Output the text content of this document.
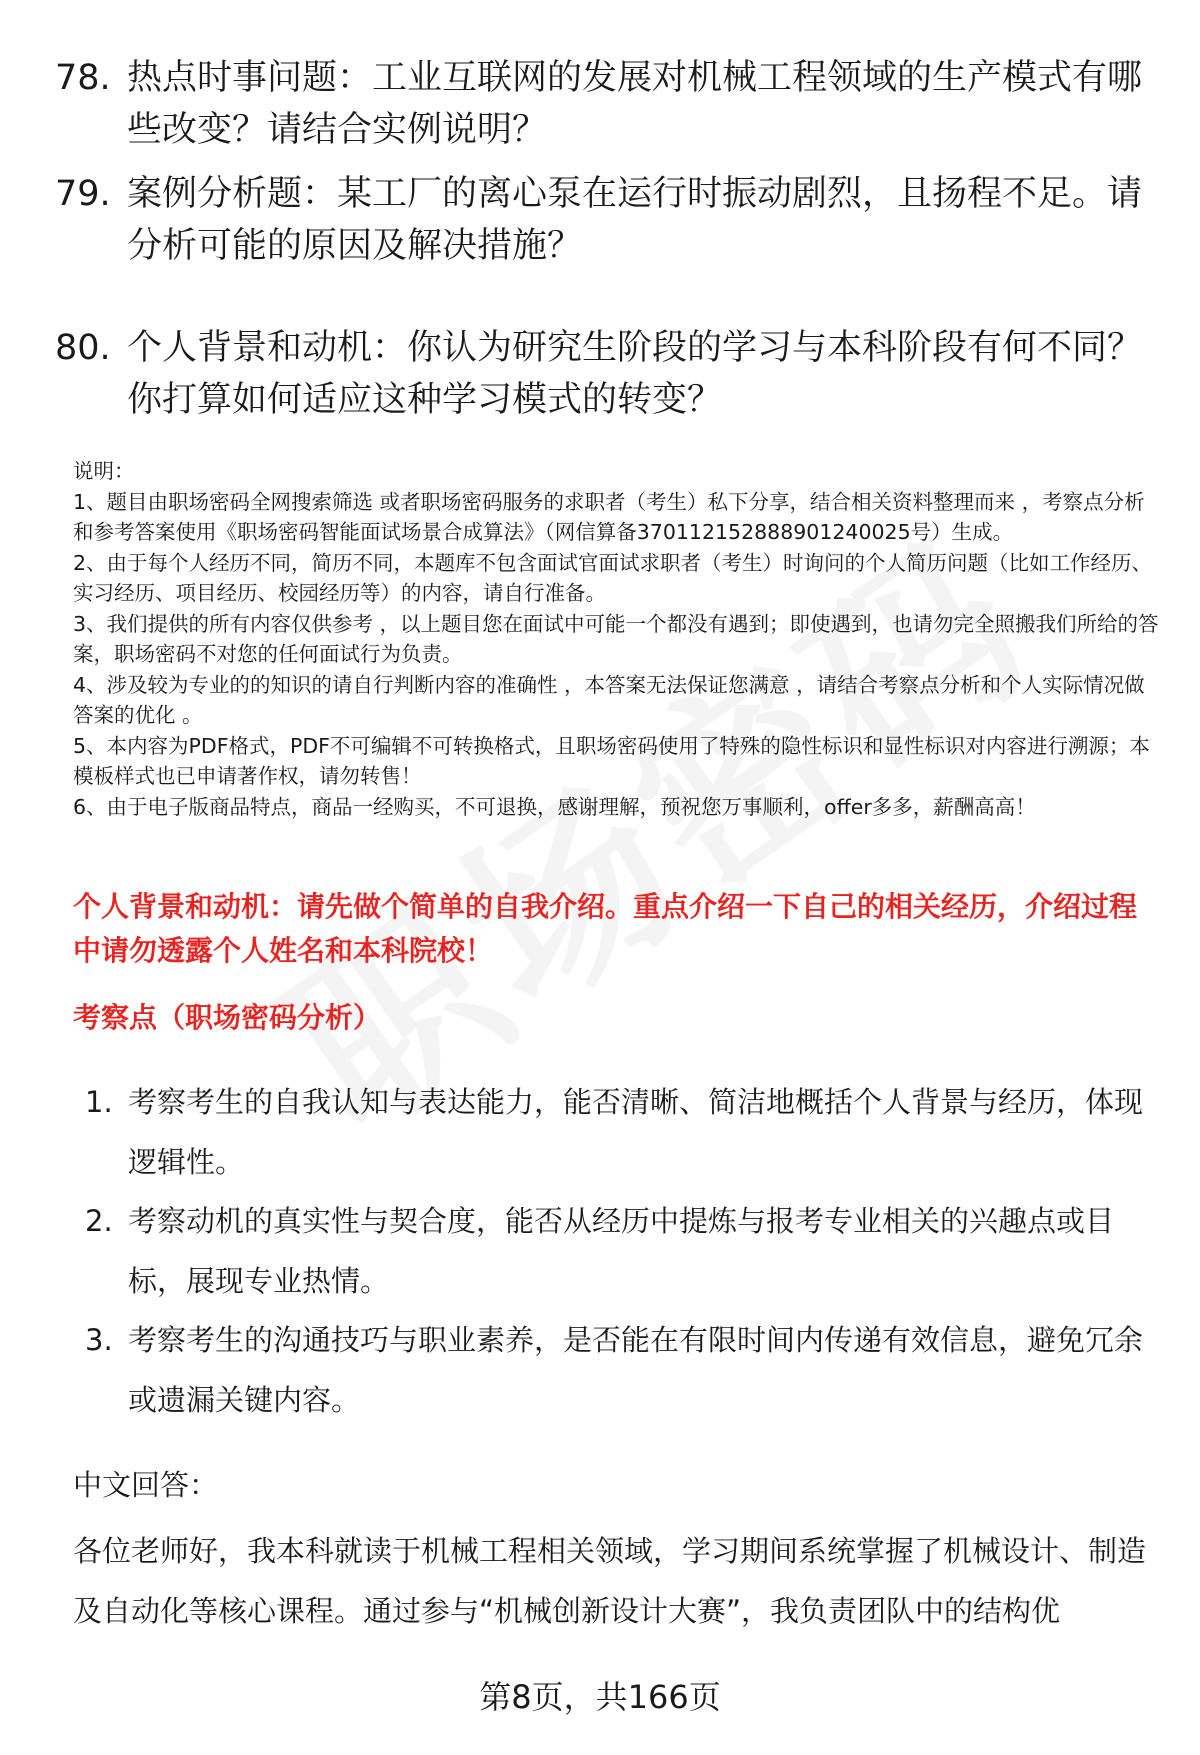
78. 热点时事问题：工业互联网的发展对机械工程领域的生产模式有哪些改变？请结合实例说明？
79. 案例分析题：某工厂的离心泵在运行时振动剧烈，且扬程不足。请分析可能的原因及解决措施？
80. 个人背景和动机：你认为研究生阶段的学习与本科阶段有何不同？你打算如何适应这种学习模式的转变？

说明：

1、题目由职场密码全网搜索筛选 或者职场密码服务的求职者（考生）私下分享，结合相关资料整理而来 ，考察点分析和参考答案使用《职场密码智能面试场景合成算法》（网信算备370112152888901240025号）生成。

2、由于每个人经历不同，简历不同，本题库不包含面试官面试求职者（考生）时询问的个人简历问题（比如工作经历、实习经历、项目经历、校园经历等）的内容，请自行准备。

3、我们提供的所有内容仅供参考 ，以上题目您在面试中可能一个都没有遇到；即使遇到，也请勿完全照搬我们所给的答案，职场密码不对您的任何面试行为负责。

4、涉及较为专业的的知识的请自行判断内容的准确性 ，本答案无法保证您满意 ，请结合考察点分析和个人实际情况做答案的优化 。

5、本内容为PDF格式，PDF不可编辑不可转换格式，且职场密码使用了特殊的隐性标识和显性标识对内容进行溯源；本模板样式也已申请著作权，请勿转售！

6、由于电子版商品特点，商品一经购买，不可退换，感谢理解，预祝您万事顺利，offer多多，薪酬高高！

个人背景和动机：请先做个简单的自我介绍。重点介绍一下自己的相关经历，介绍过程中请勿透露个人姓名和本科院校！
考察点（职场密码分析）
1. 考察考生的自我认知与表达能力，能否清晰、简洁地概括个人背景与经历，体现逻辑性。
2. 考察动机的真实性与契合度，能否从经历中提炼与报考专业相关的兴趣点或目标，展现专业热情。
3. 考察考生的沟通技巧与职业素养，是否能在有限时间内传递有效信息，避免冗余或遗漏关键内容。
中文回答：
各位老师好，我本科就读于机械工程相关领域，学习期间系统掌握了机械设计、制造及自动化等核心课程。通过参与“机械创新设计大赛”，我负责团队中的结构优
第8页，共166页
